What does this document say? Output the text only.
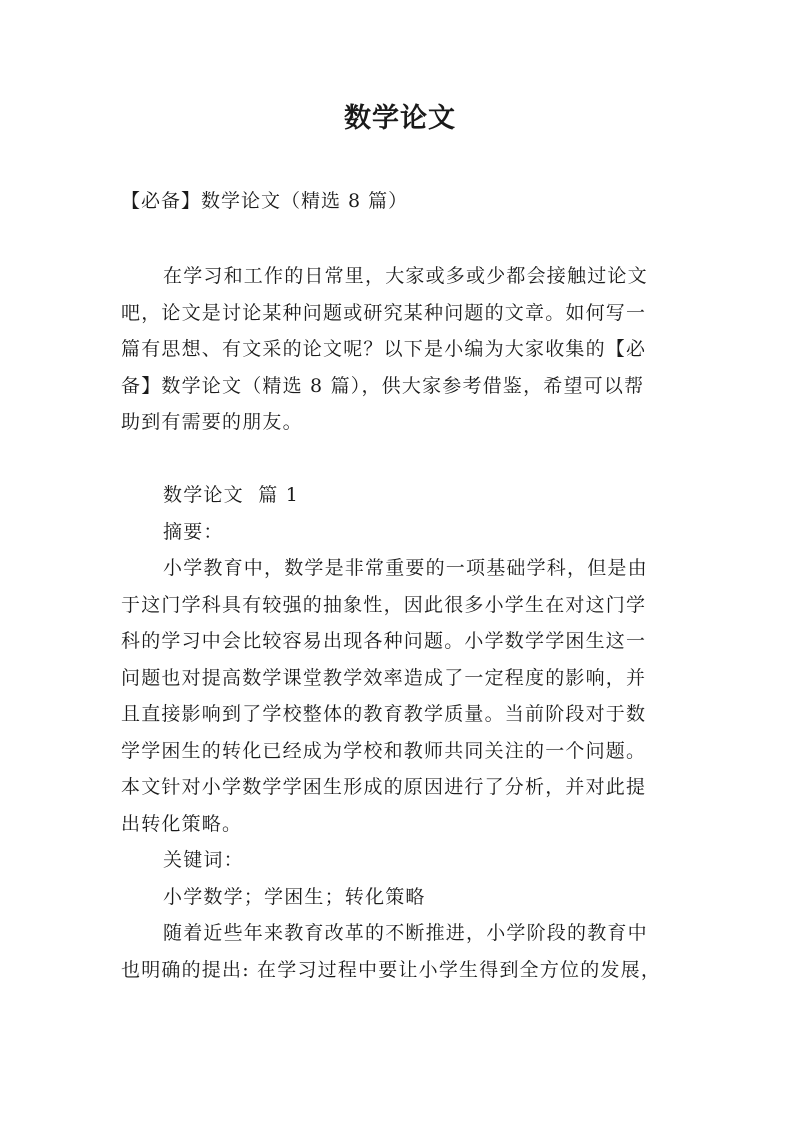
数学论文

【必备】数学论文（精选 8 篇）

在学习和工作的日常里，大家或多或少都会接触过论文
吧，论文是讨论某种问题或研究某种问题的文章。如何写一
篇有思想、有文采的论文呢？以下是小编为大家收集的【必
备】数学论文（精选 8 篇），供大家参考借鉴，希望可以帮
助到有需要的朋友。
数学论文  篇 1
摘要：
小学教育中，数学是非常重要的一项基础学科，但是由
于这门学科具有较强的抽象性，因此很多小学生在对这门学
科的学习中会比较容易出现各种问题。小学数学学困生这一
问题也对提高数学课堂教学效率造成了一定程度的影响，并
且直接影响到了学校整体的教育教学质量。当前阶段对于数
学学困生的转化已经成为学校和教师共同关注的一个问题。
本文针对小学数学学困生形成的原因进行了分析，并对此提
出转化策略。
关键词：
小学数学；学困生；转化策略
随着近些年来教育改革的不断推进，小学阶段的教育中
也明确的提出: 在学习过程中要让小学生得到全方位的发展，
